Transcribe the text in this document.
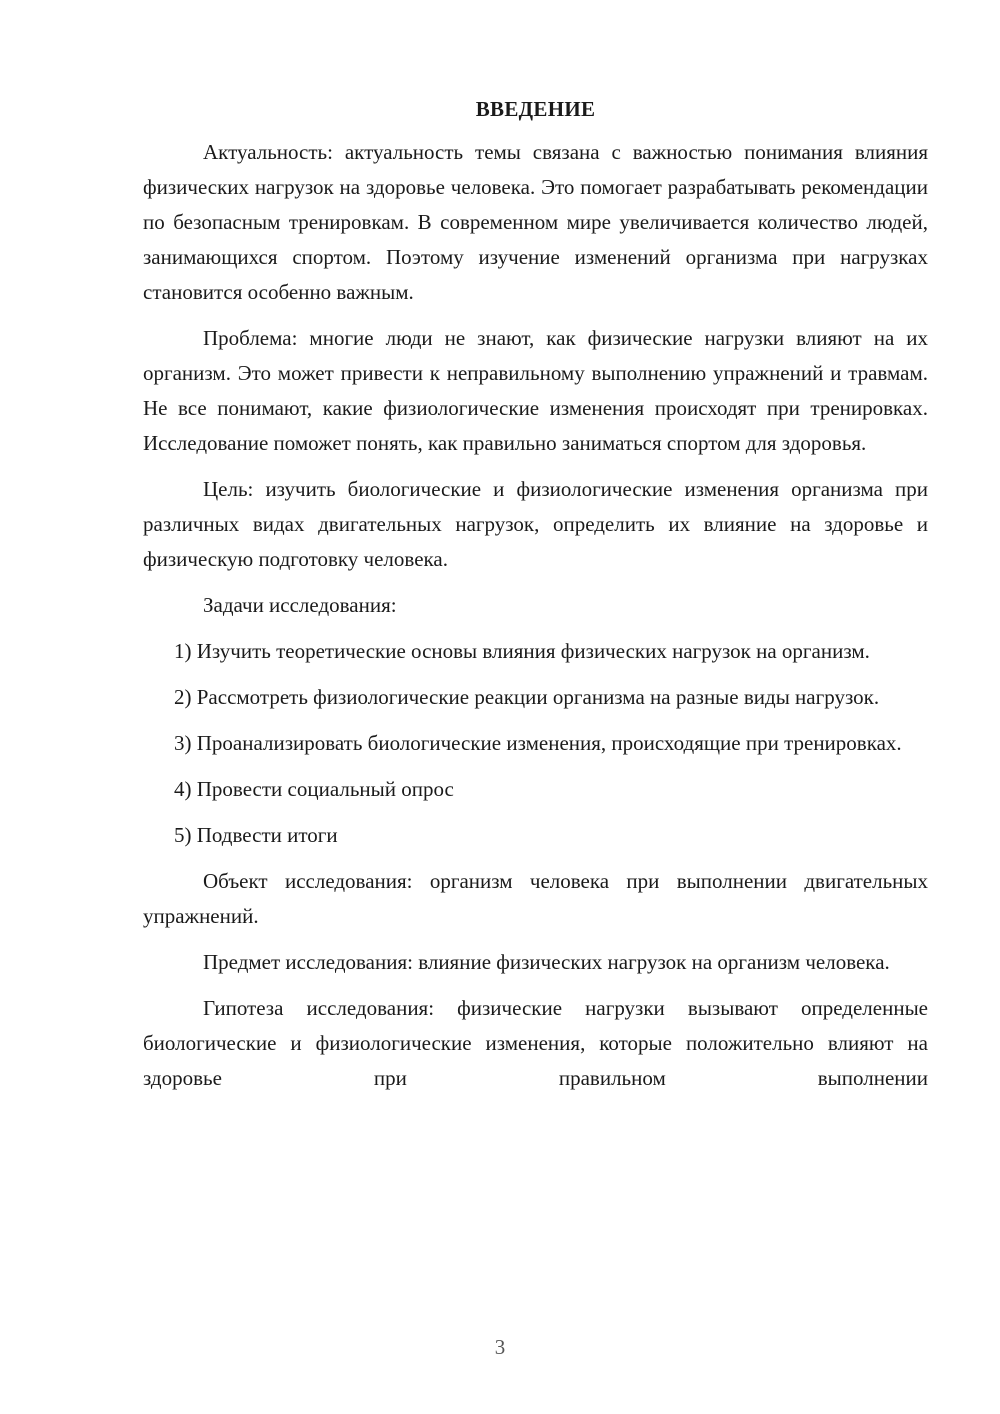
ВВЕДЕНИЕ

Актуальность: актуальность темы связана с важностью понимания влияния физических нагрузок на здоровье человека. Это помогает разрабатывать рекомендации по безопасным тренировкам. В современном мире увеличивается количество людей, занимающихся спортом. Поэтому изучение изменений организма при нагрузках становится особенно важным.

Проблема: многие люди не знают, как физические нагрузки влияют на их организм. Это может привести к неправильному выполнению упражнений и травмам. Не все понимают, какие физиологические изменения происходят при тренировках. Исследование поможет понять, как правильно заниматься спортом для здоровья.

Цель: изучить биологические и физиологические изменения организма при различных видах двигательных нагрузок, определить их влияние на здоровье и физическую подготовку человека.

Задачи исследования:

1) Изучить теоретические основы влияния физических нагрузок на организм.

2) Рассмотреть физиологические реакции организма на разные виды нагрузок.

3) Проанализировать биологические изменения, происходящие при тренировках.

4) Провести социальный опрос

5) Подвести итоги

Объект исследования: организм человека при выполнении двигательных упражнений.

Предмет исследования: влияние физических нагрузок на организм человека.

Гипотеза исследования: физические нагрузки вызывают определенные биологические и физиологические изменения, которые положительно влияют на здоровье при правильном выполнении

3
